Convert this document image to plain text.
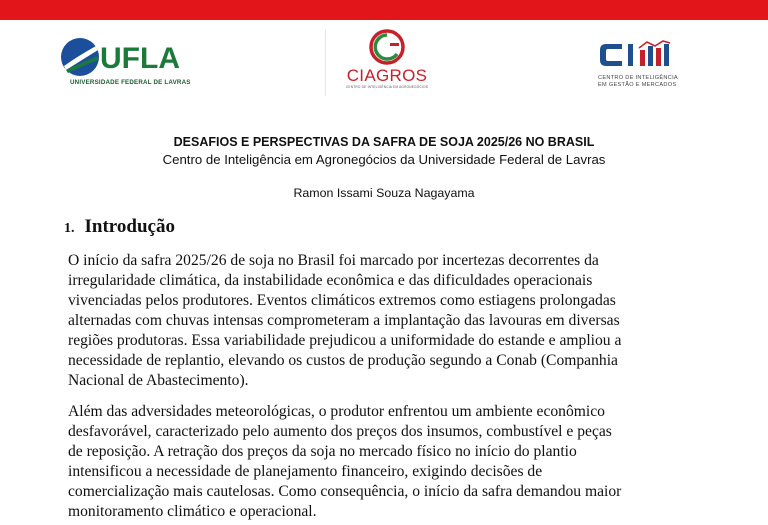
UFLA
UNIVERSIDADE FEDERAL DE LAVRAS	CIAGROS
CENTRO DE INTELIGÊNCIA EM AGRONEGÓCIOS
CENTRO DE INTELIGÊNCIA
EM GESTÃO E MERCADOS
DESAFIOS E PERSPECTIVAS DA SAFRA DE SOJA 2025/26 NO BRASIL
Centro de Inteligência em Agronegócios da Universidade Federal de Lavras
Ramon Issami Souza Nagayama
1. Introdução
O início da safra 2025/26 de soja no Brasil foi marcado por incertezas decorrentes da
irregularidade climática, da instabilidade econômica e das dificuldades operacionais
vivenciadas pelos produtores. Eventos climáticos extremos como estiagens prolongadas
alternadas com chuvas intensas comprometeram a implantação das lavouras em diversas
regiões produtoras. Essa variabilidade prejudicou a uniformidade do estande e ampliou a
necessidade de replantio, elevando os custos de produção segundo a Conab (Companhia
Nacional de Abastecimento).
Além das adversidades meteorológicas, o produtor enfrentou um ambiente econômico
desfavorável, caracterizado pelo aumento dos preços dos insumos, combustível e peças
de reposição. A retração dos preços da soja no mercado físico no início do plantio
intensificou a necessidade de planejamento financeiro, exigindo decisões de
comercialização mais cautelosas. Como consequência, o início da safra demandou maior
monitoramento climático e operacional.
